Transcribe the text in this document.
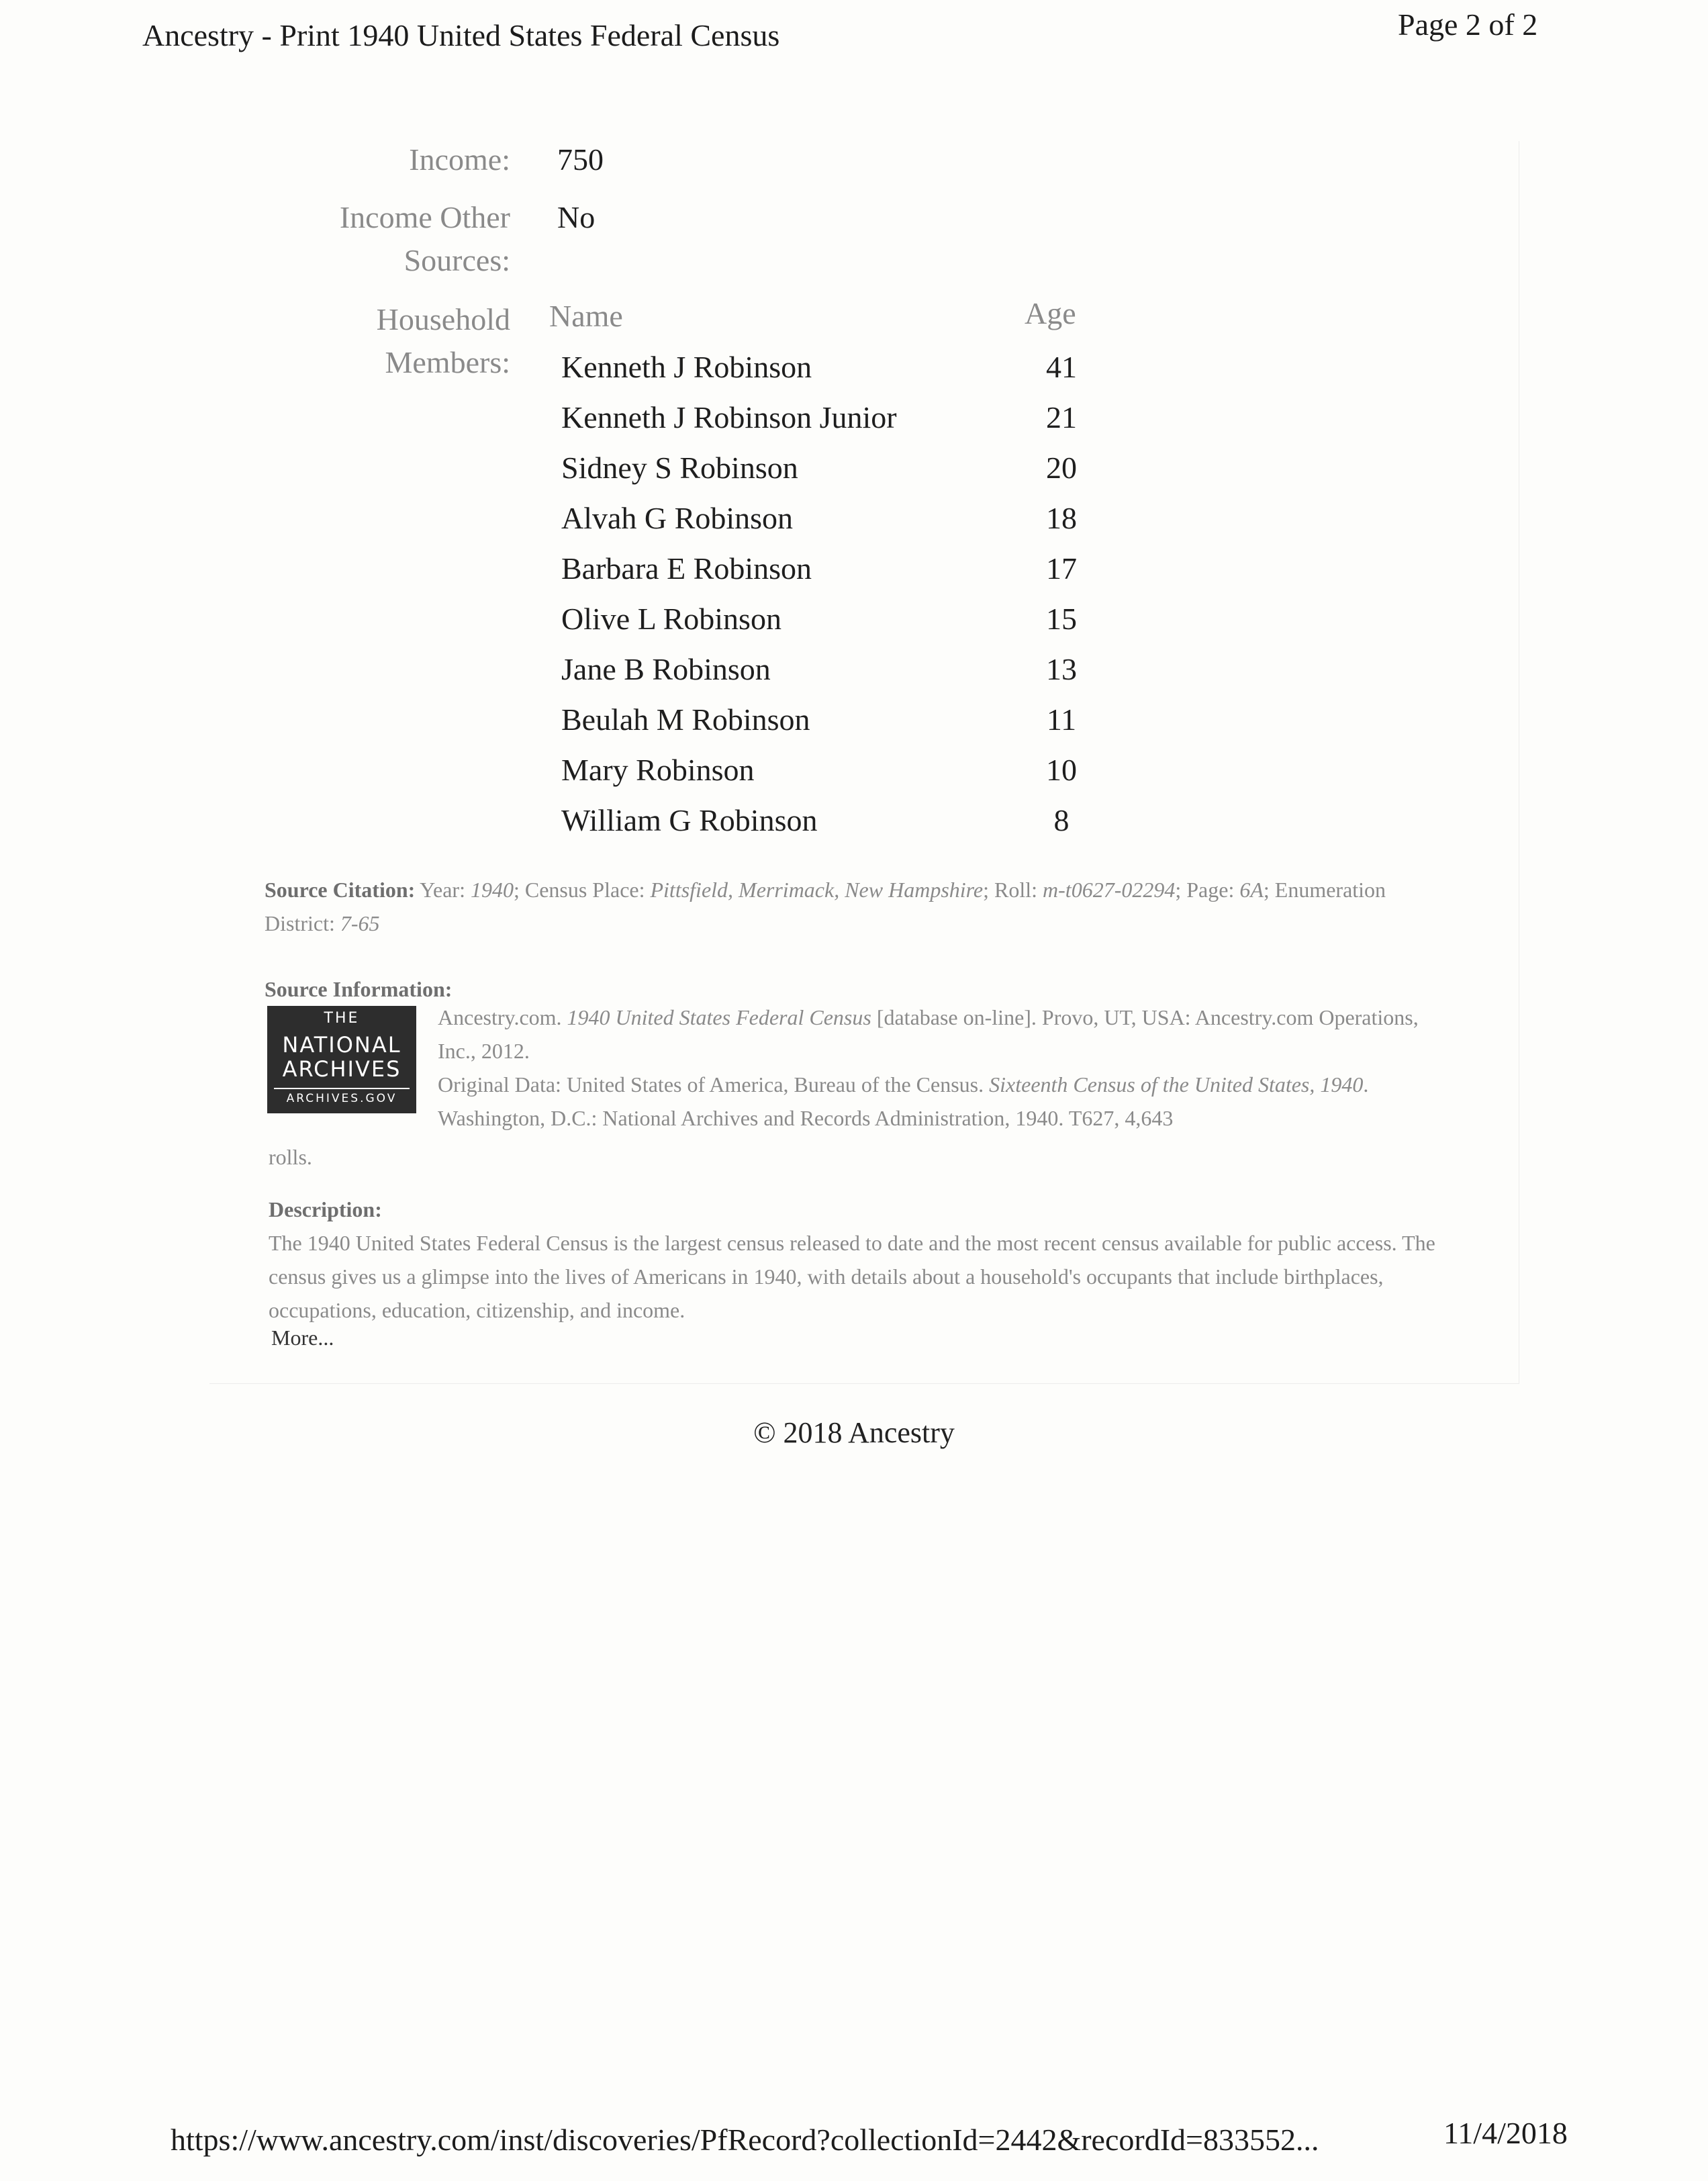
Ancestry - Print 1940 United States Federal Census	Page 2 of 2
Income: 750
Income Other Sources:
No
Household Members:
Name	Age
Kenneth J Robinson	41
Kenneth J Robinson Junior	21
Sidney S Robinson	20
Alvah G Robinson	18
Barbara E Robinson	17
Olive L Robinson	15
Jane B Robinson	13
Beulah M Robinson	11
Mary Robinson	10
William G Robinson	8
Source Citation: Year: 1940; Census Place: Pittsfield, Merrimack, New Hampshire; Roll: m-t0627-02294; Page: 6A; Enumeration District: 7-65
Source Information:
THE
NATIONAL
ARCHIVES
ARCHIVES.GOV
Ancestry.com. 1940 United States Federal Census [database on-line]. Provo, UT, USA: Ancestry.com Operations, Inc., 2012.
Original Data: United States of America, Bureau of the Census. Sixteenth Census of the United States, 1940. Washington, D.C.: National Archives and Records Administration, 1940. T627, 4,643
rolls.
Description:
The 1940 United States Federal Census is the largest census released to date and the most recent census available for public access. The census gives us a glimpse into the lives of Americans in 1940, with details about a household's occupants that include birthplaces, occupations, education, citizenship, and income.
More...
© 2018 Ancestry
https://www.ancestry.com/inst/discoveries/PfRecord?collectionId=2442&recordId=833552...	11/4/2018
